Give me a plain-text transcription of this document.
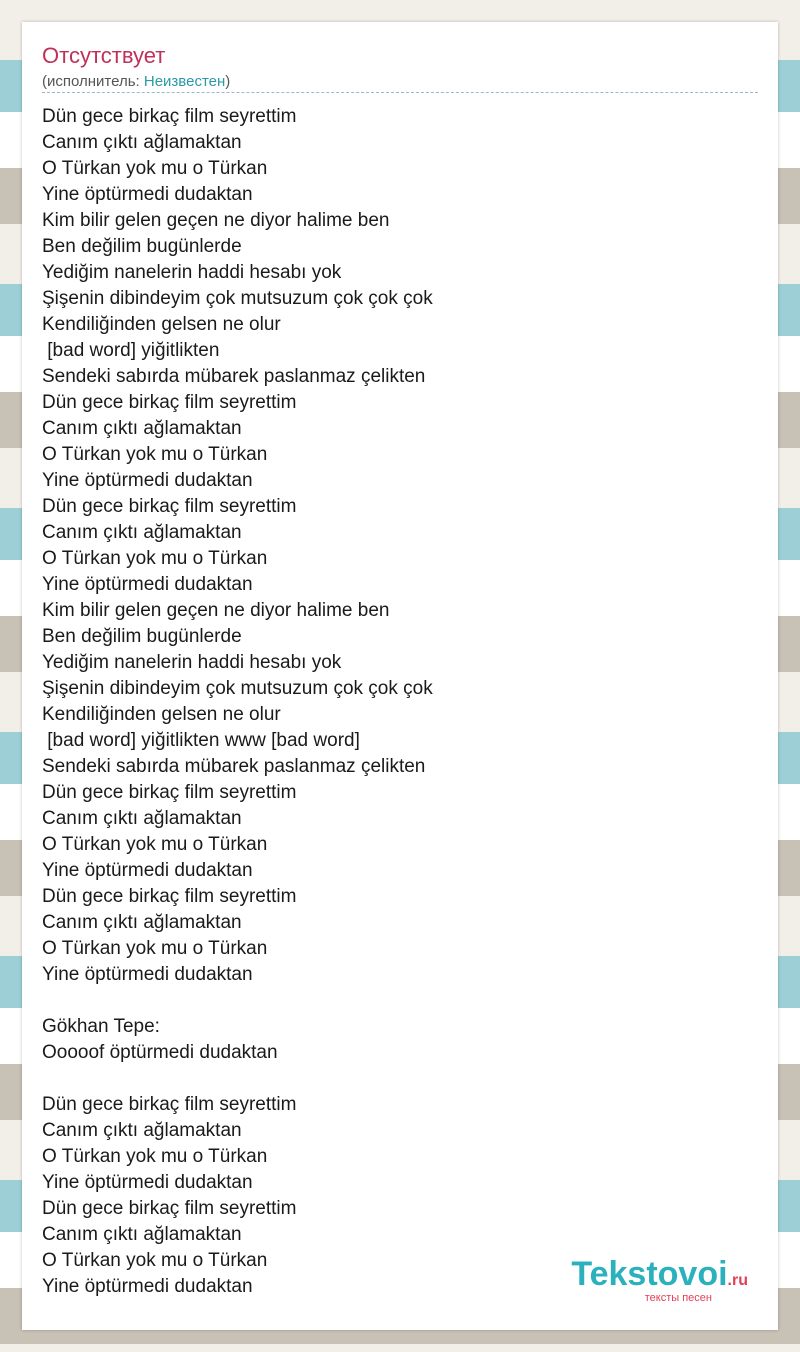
Отсутствует
(исполнитель: Неизвестен)
Dün gece birkaç film seyrettim
Canım çıktı ağlamaktan
O Türkan yok mu o Türkan
Yine öptürmedi dudaktan
Kim bilir gelen geçen ne diyor halime ben
Ben değilim bugünlerde
Yediğim nanelerin haddi hesabı yok
Şişenin dibindeyim çok mutsuzum çok çok çok
Kendiliğinden gelsen ne olur
[bad word] yiğitlikten
Sendeki sabırda mübarek paslanmaz çelikten
Dün gece birkaç film seyrettim
Canım çıktı ağlamaktan
O Türkan yok mu o Türkan
Yine öptürmedi dudaktan
Dün gece birkaç film seyrettim
Canım çıktı ağlamaktan
O Türkan yok mu o Türkan
Yine öptürmedi dudaktan
Kim bilir gelen geçen ne diyor halime ben
Ben değilim bugünlerde
Yediğim nanelerin haddi hesabı yok
Şişenin dibindeyim çok mutsuzum çok çok çok
Kendiliğinden gelsen ne olur
[bad word] yiğitlikten www [bad word]
Sendeki sabırda mübarek paslanmaz çelikten
Dün gece birkaç film seyrettim
Canım çıktı ağlamaktan
O Türkan yok mu o Türkan
Yine öptürmedi dudaktan
Dün gece birkaç film seyrettim
Canım çıktı ağlamaktan
O Türkan yok mu o Türkan
Yine öptürmedi dudaktan

Gökhan Tepe:
Ooooof öptürmedi dudaktan

Dün gece birkaç film seyrettim
Canım çıktı ağlamaktan
O Türkan yok mu o Türkan
Yine öptürmedi dudaktan
Dün gece birkaç film seyrettim
Canım çıktı ağlamaktan
O Türkan yok mu o Türkan
Yine öptürmedi dudaktan	Tekstovoi.ru
тексты песен
